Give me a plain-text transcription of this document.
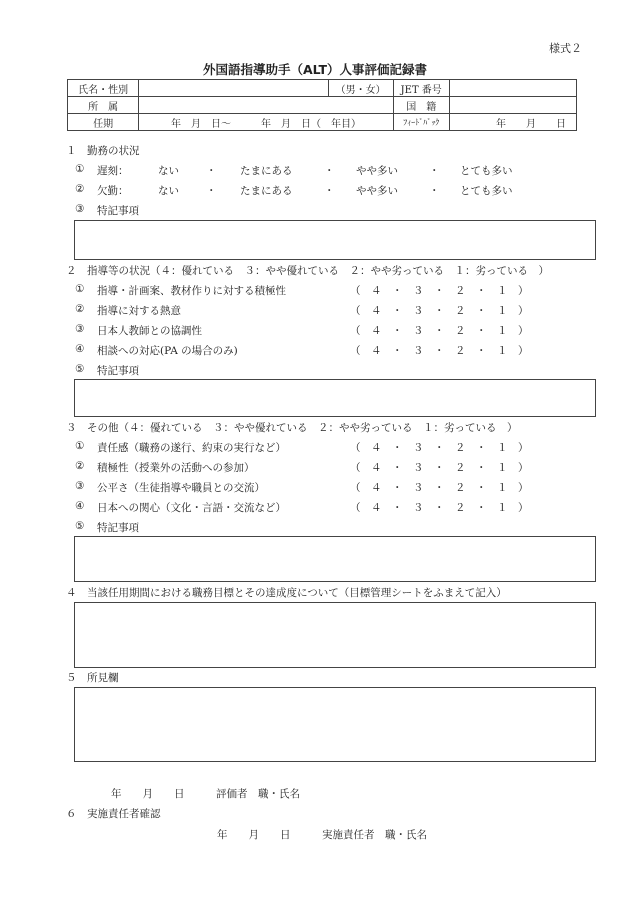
様式２
外国語指導助手（ALT）人事評価記録書
氏名・性別		（男・女）	JET 番号	
所　属			国　籍	
任期	年　月　日～　　　年　月　日（　年目）		ﾌｨｰﾄﾞﾊﾞｯｸ	年　　月　　日
１　勤務の状況
① 遅刻：	ない	・ たまにある	・ やや多い	・ とても多い
② 欠勤：	ない	・ たまにある	・ やや多い	・ とても多い
③ 特記事項
２　指導等の状況（４：優れている　３：やや優れている　２：やや劣っている　１：劣っている　）
① 指導・計画案、教材作りに対する積極性	（　４　・　３　・　２　・　１　）
② 指導に対する熱意	（　４　・　３　・　２　・　１　）
③ 日本人教師との協調性	（　４　・　３　・　２　・　１　）
④ 相談への対応(PA の場合のみ)	（　４　・　３　・　２　・　１　）
⑤ 特記事項
３　その他（４：優れている　３：やや優れている　２：やや劣っている　１：劣っている　）
① 責任感（職務の遂行、約束の実行など）	（　４　・　３　・　２　・　１　）
② 積極性（授業外の活動への参加）	（　４　・　３　・　２　・　１　）
③ 公平さ（生徒指導や職員との交流）	（　４　・　３　・　２　・　１　）
④ 日本への関心（文化・言語・交流など）	（　４　・　３　・　２　・　１　）
⑤ 特記事項
４　当該任用期間における職務目標とその達成度について（目標管理シートをふまえて記入）
５　所見欄
年　　月　　日　　　評価者　職・氏名
６　実施責任者確認
年　　月　　日　　　実施責任者　職・氏名
